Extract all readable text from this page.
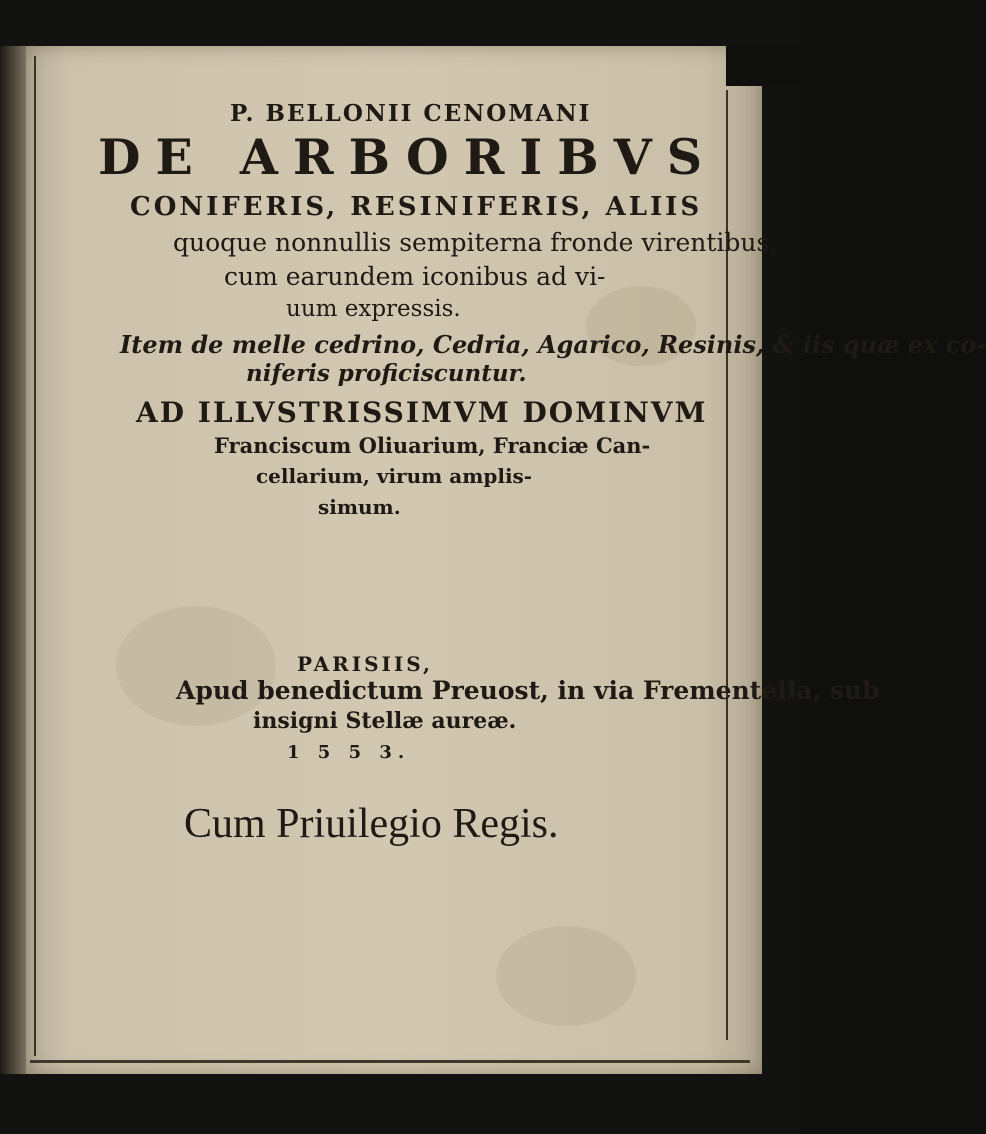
P. BELLONII CENOMANI
DE ARBORIBVS
CONIFERIS, RESINIFERIS, ALIIS
quoque nonnullis sempiterna fronde virentibus,
cum earundem iconibus ad vi-
uum expressis.
Item de melle cedrino, Cedria, Agarico, Resinis, & iis quæ ex co-
niferis proficiscuntur.
AD ILLVSTRISSIMVM DOMINVM
Franciscum Oliuarium, Franciæ Can-
cellarium, virum amplis-
simum.
PARISIIS,
Apud benedictum Preuost, in via Frementella, sub
insigni Stellæ aureæ.
1 5 5 3.
Cum Priuilegio Regis.
